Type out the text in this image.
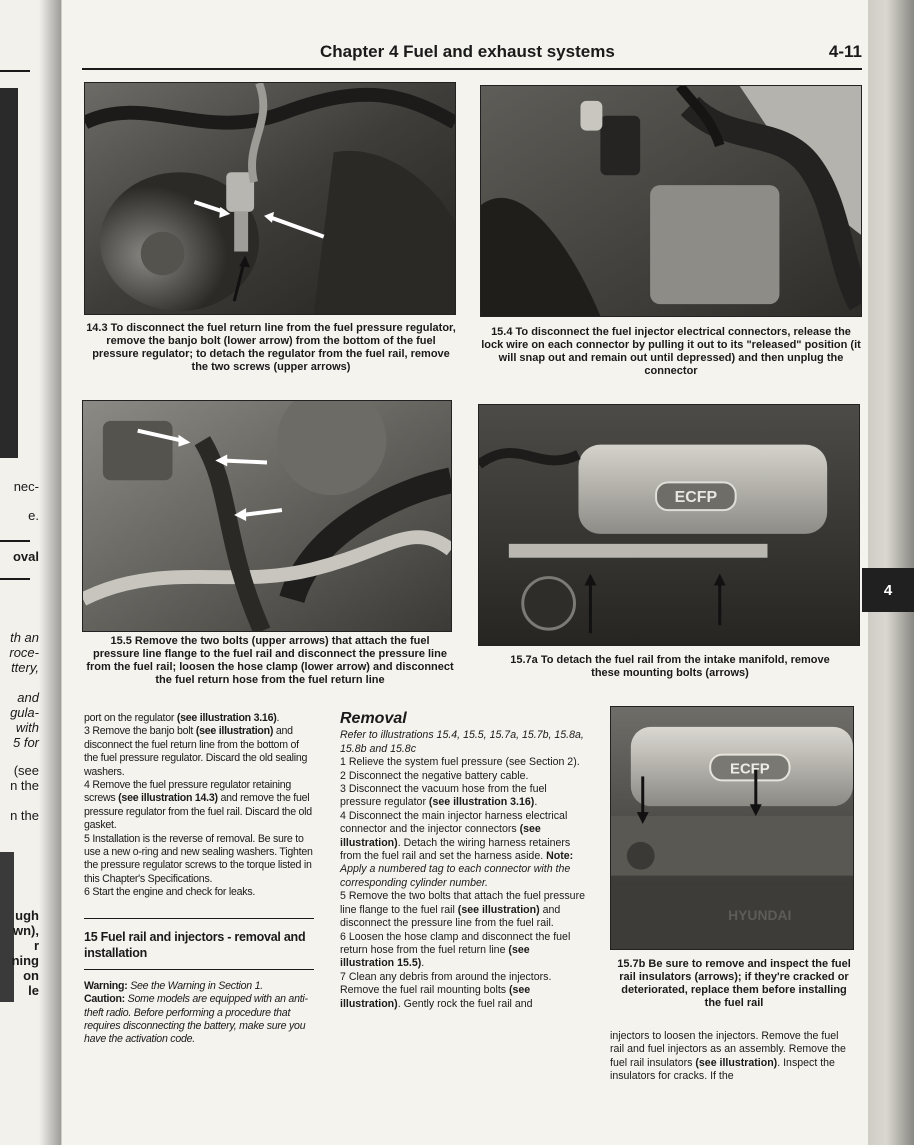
nec-
e.
oval
th an
roce-
ttery,
and
gula-
with
5 for
(see
n the
n the
ugh
wn),
r
ning
on
le
4
Chapter 4 Fuel and exhaust systems	4-11
14.3 To disconnect the fuel return line from the fuel pressure regulator, remove the banjo bolt (lower arrow) from the bottom of the fuel pressure regulator; to detach the regulator from the fuel rail, remove the two screws (upper arrows)
15.4 To disconnect the fuel injector electrical connectors, release the lock wire on each connector by pulling it out to its "released" position (it will snap out and remain out until depressed) and then unplug the connector
15.5 Remove the two bolts (upper arrows) that attach the fuel pressure line flange to the fuel rail and disconnect the pressure line from the fuel rail; loosen the hose clamp (lower arrow) and disconnect the fuel return hose from the fuel return line
ECFP
15.7a To detach the fuel rail from the intake manifold, remove these mounting bolts (arrows)
ECFP
HYUNDAI
15.7b Be sure to remove and inspect the fuel rail insulators (arrows); if they're cracked or deteriorated, replace them before installing the fuel rail

port on the regulator (see illustration 3.16).

3 Remove the banjo bolt (see illustration) and disconnect the fuel return line from the bottom of the fuel pressure regulator. Discard the old sealing washers.

4 Remove the fuel pressure regulator retaining screws (see illustration 14.3) and remove the fuel pressure regulator from the fuel rail. Discard the old gasket.

5 Installation is the reverse of removal. Be sure to use a new o-ring and new sealing washers. Tighten the pressure regulator screws to the torque listed in this Chapter's Specifications.

6 Start the engine and check for leaks.

15 Fuel rail and injectors - removal and installation

Warning: See the Warning in Section 1.

Caution: Some models are equipped with an anti-theft radio. Before performing a procedure that requires disconnecting the battery, make sure you have the activation code.

Removal

Refer to illustrations 15.4, 15.5, 15.7a, 15.7b, 15.8a, 15.8b and 15.8c

1 Relieve the system fuel pressure (see Section 2).

2 Disconnect the negative battery cable.

3 Disconnect the vacuum hose from the fuel pressure regulator (see illustration 3.16).

4 Disconnect the main injector harness electrical connector and the injector connectors (see illustration). Detach the wiring harness retainers from the fuel rail and set the harness aside. Note: Apply a numbered tag to each connector with the corresponding cylinder number.

5 Remove the two bolts that attach the fuel pressure line flange to the fuel rail (see illustration) and disconnect the pressure line from the fuel rail.

6 Loosen the hose clamp and disconnect the fuel return hose from the fuel return line (see illustration 15.5).

7 Clean any debris from around the injectors. Remove the fuel rail mounting bolts (see illustration). Gently rock the fuel rail and

injectors to loosen the injectors. Remove the fuel rail and fuel injectors as an assembly. Remove the fuel rail insulators (see illustration). Inspect the insulators for cracks. If the
